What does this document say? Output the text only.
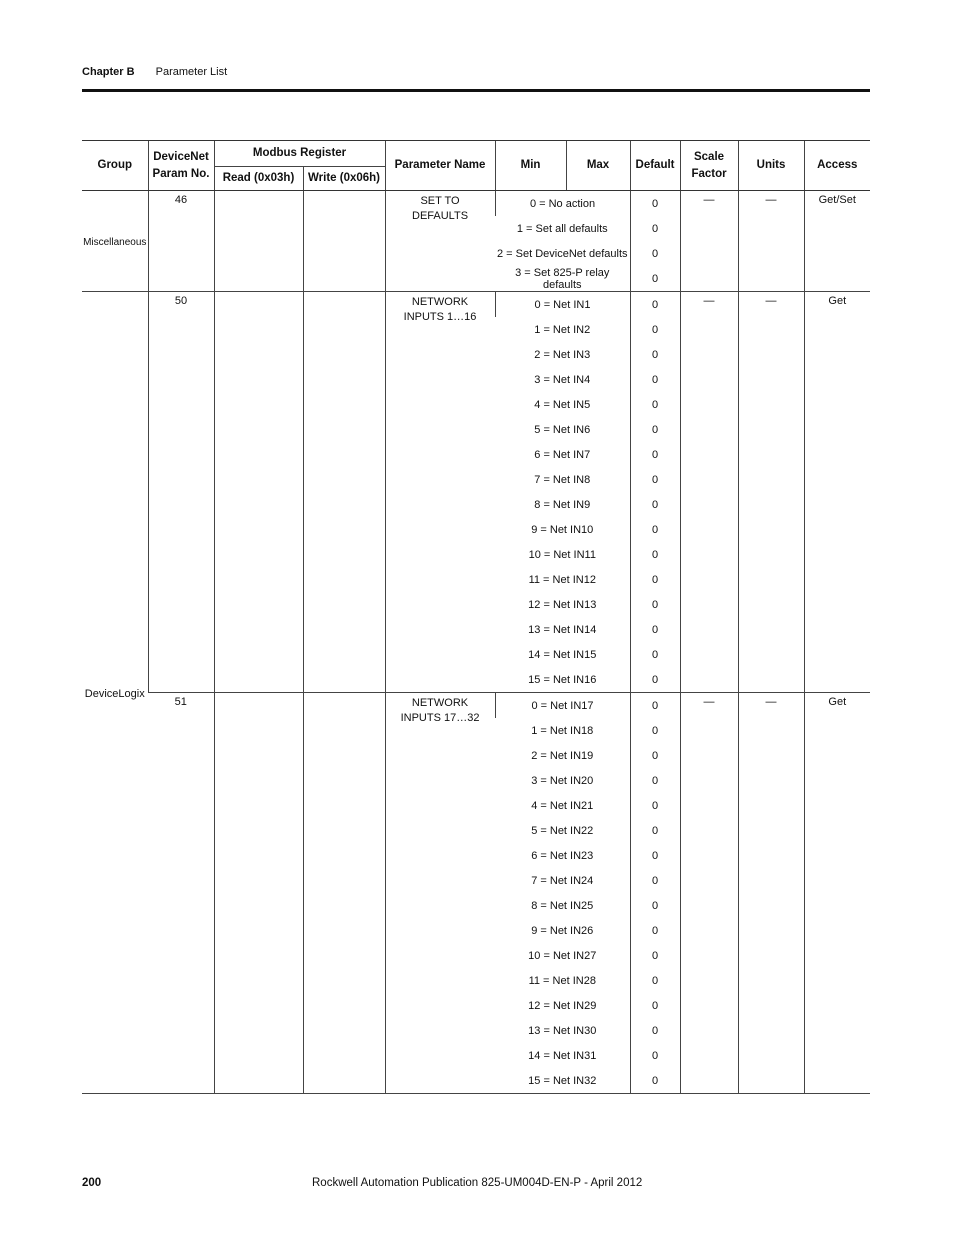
Chapter B Parameter List
Group	DeviceNet Param No.	Modbus Register		Parameter Name	Min	Max	Default	Scale Factor	Units	Access
		Read (0x03h)	Write (0x06h)							
Miscellaneous	46			SET TO DEFAULTS	0 = No action		0	—	—	Get/Set
					1 = Set all defaults		0			
					2 = Set DeviceNet defaults		0			
					3 = Set 825-P relay defaults		0			
DeviceLogix	50			NETWORK INPUTS 1…16	0 = Net IN1		0	—	—	Get
					1 = Net IN2		0			
					2 = Net IN3		0			
					3 = Net IN4		0			
					4 = Net IN5		0			
					5 = Net IN6		0			
					6 = Net IN7		0			
					7 = Net IN8		0			
					8 = Net IN9		0			
					9 = Net IN10		0			
					10 = Net IN11		0			
					11 = Net IN12		0			
					12 = Net IN13		0			
					13 = Net IN14		0			
					14 = Net IN15		0			
					15 = Net IN16		0			
	51			NETWORK INPUTS 17…32	0 = Net IN17		0	—	—	Get
					1 = Net IN18		0			
					2 = Net IN19		0			
					3 = Net IN20		0			
					4 = Net IN21		0			
					5 = Net IN22		0			
					6 = Net IN23		0			
					7 = Net IN24		0			
					8 = Net IN25		0			
					9 = Net IN26		0			
					10 = Net IN27		0			
					11 = Net IN28		0			
					12 = Net IN29		0			
					13 = Net IN30		0			
					14 = Net IN31		0			
					15 = Net IN32		0			
200	Rockwell Automation Publication 825-UM004D-EN-P - April 2012
